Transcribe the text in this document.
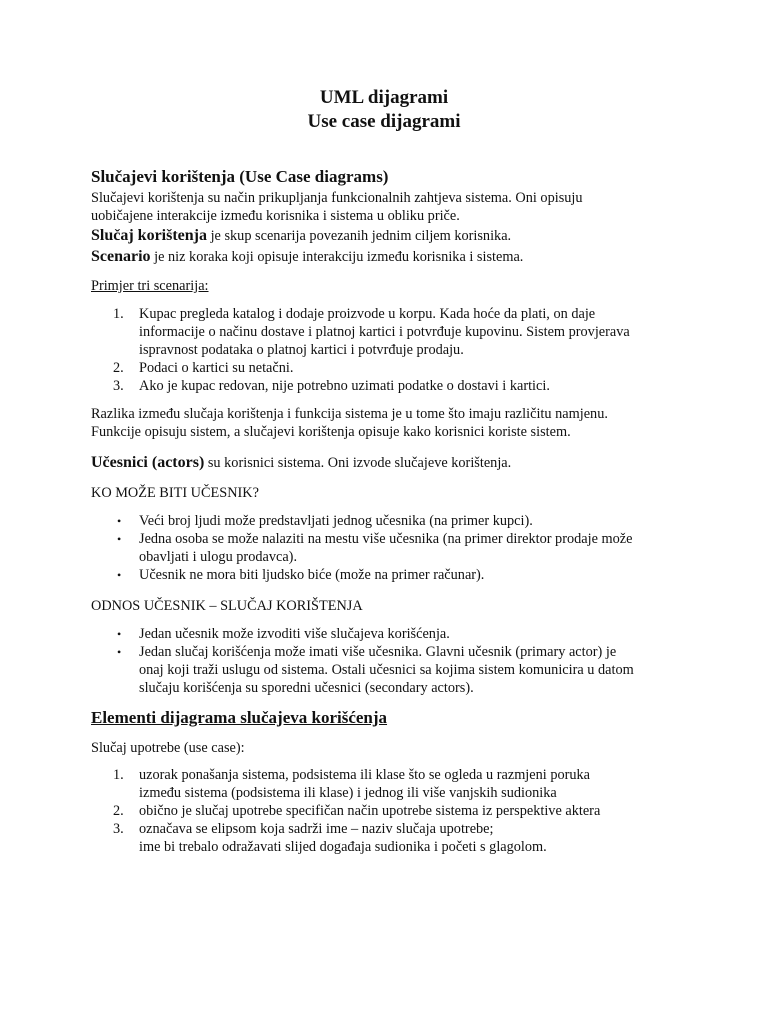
UML dijagrami
Use case dijagrami
Slučajevi korištenja (Use Case diagrams)
Slučajevi korištenja su način prikupljanja funkcionalnih zahtjeva sistema. Oni opisuju
uobičajene interakcije između korisnika i sistema u obliku priče.
Slučaj korištenja je skup scenarija povezanih jednim ciljem korisnika.
Scenario je niz koraka koji opisuje interakciju između korisnika i sistema.
Primjer tri scenarija:
1. Kupac pregleda katalog i dodaje proizvode u korpu. Kada hoće da plati, on daje
informacije o načinu dostave i platnoj kartici i potvrđuje kupovinu. Sistem provjerava
ispravnost podataka o platnoj kartici i potvrđuje prodaju.
2. Podaci o kartici su netačni.
3. Ako je kupac redovan, nije potrebno uzimati podatke o dostavi i kartici.
Razlika između slučaja korištenja i funkcija sistema je u tome što imaju različitu namjenu.
Funkcije opisuju sistem, a slučajevi korištenja opisuje kako korisnici koriste sistem.
Učesnici (actors) su korisnici sistema. Oni izvode slučajeve korištenja.
KO MOŽE BITI UČESNIK?
• Veći broj ljudi može predstavljati jednog učesnika (na primer kupci).
• Jedna osoba se može nalaziti na mestu više učesnika (na primer direktor prodaje može
obavljati i ulogu prodavca).
• Učesnik ne mora biti ljudsko biće (može na primer računar).
ODNOS UČESNIK – SLUČAJ KORIŠTENJA
• Jedan učesnik može izvoditi više slučajeva korišćenja.
• Jedan slučaj korišćenja može imati više učesnika. Glavni učesnik (primary actor) je
onaj koji traži uslugu od sistema. Ostali učesnici sa kojima sistem komunicira u datom
slučaju korišćenja su sporedni učesnici (secondary actors).
Elementi dijagrama slučajeva korišćenja
Slučaj upotrebe (use case):
1. uzorak ponašanja sistema, podsistema ili klase što se ogleda u razmjeni poruka
između sistema (podsistema ili klase) i jednog ili više vanjskih sudionika
2. obično je slučaj upotrebe specifičan način upotrebe sistema iz perspektive aktera
3. označava se elipsom koja sadrži ime – naziv slučaja upotrebe;
ime bi trebalo odražavati slijed događaja sudionika i početi s glagolom.
